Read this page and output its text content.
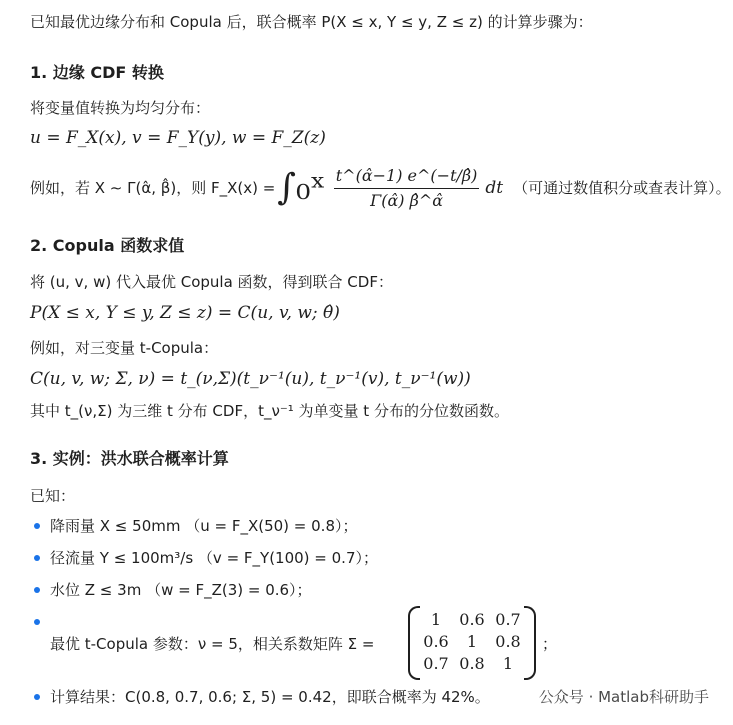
已知最优边缘分布和 Copula 后，联合概率 P(X ≤ x, Y ≤ y, Z ≤ z) 的计算步骤为：
1. 边缘 CDF 转换
将变量值转换为均匀分布：
u = F_X(x), v = F_Y(y), w = F_Z(z)
例如，若 X ∼ Γ(α̂, β̂)，则 F_X(x) = ∫₀ˣ $\frac{t\^{}(\alphâ-1) e\^{}(-t/\betâ)}{\Gamma(\alphâ) \betâ\^{}\alphâ}$ dt （可通过数值积分或查表计算）。
2. Copula 函数求值
将 (u, v, w) 代入最优 Copula 函数，得到联合 CDF：
P(X ≤ x, Y ≤ y, Z ≤ z) = C(u, v, w; θ̂)
例如，对三变量 t-Copula：
C(u, v, w; Σ, ν) = t_(ν,Σ)(t_ν⁻¹(u), t_ν⁻¹(v), t_ν⁻¹(w))
其中 t_(ν,Σ) 为三维 t 分布 CDF，t_ν⁻¹ 为单变量 t 分布的分位数函数。
3. 实例：洪水联合概率计算
已知：
降雨量 X ≤ 50mm （u = F_X(50) = 0.8）；
径流量 Y ≤ 100m³/s （v = F_Y(100) = 0.7）；
水位 Z ≤ 3m （w = F_Z(3) = 0.6）；
最优 t-Copula 参数：ν = 5，相关系数矩阵 Σ =
1	0.6 0.7
0.6	1	0.8
0.7 0.8	1
；
计算结果：C(0.8, 0.7, 0.6; Σ, 5) = 0.42，即联合概率为 42%。	公众号 · Matlab科研助手
